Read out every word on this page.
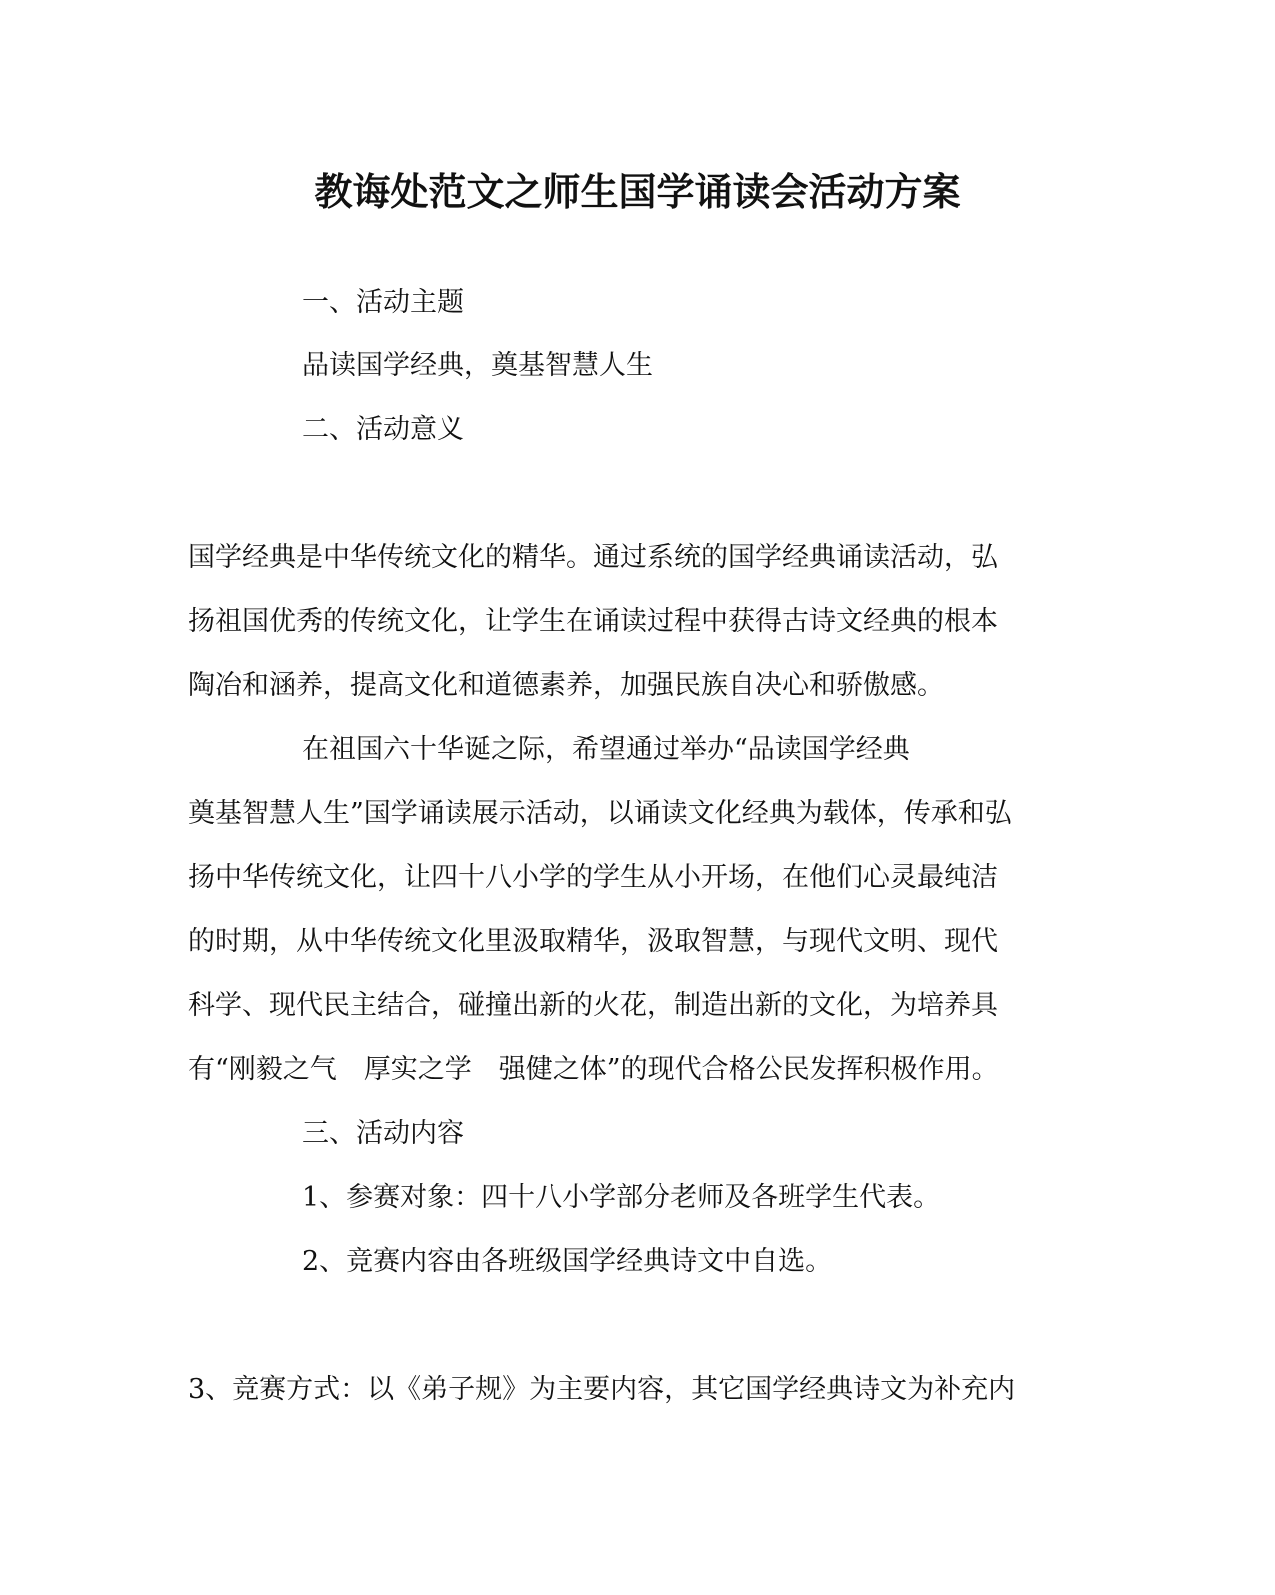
教诲处范文之师生国学诵读会活动方案
一、活动主题
品读国学经典，奠基智慧人生
二、活动意义
国学经典是中华传统文化的精华。通过系统的国学经典诵读活动，弘
扬祖国优秀的传统文化，让学生在诵读过程中获得古诗文经典的根本
陶冶和涵养，提高文化和道德素养，加强民族自决心和骄傲感。
在祖国六十华诞之际，希望通过举办“品读国学经典
奠基智慧人生”国学诵读展示活动，以诵读文化经典为载体，传承和弘
扬中华传统文化，让四十八小学的学生从小开场，在他们心灵最纯洁
的时期，从中华传统文化里汲取精华，汲取智慧，与现代文明、现代
科学、现代民主结合，碰撞出新的火花，制造出新的文化，为培养具
有“刚毅之气　厚实之学　强健之体”的现代合格公民发挥积极作用。
三、活动内容
1、参赛对象：四十八小学部分老师及各班学生代表。
2、竞赛内容由各班级国学经典诗文中自选。
3、竞赛方式：以《弟子规》为主要内容，其它国学经典诗文为补充内
